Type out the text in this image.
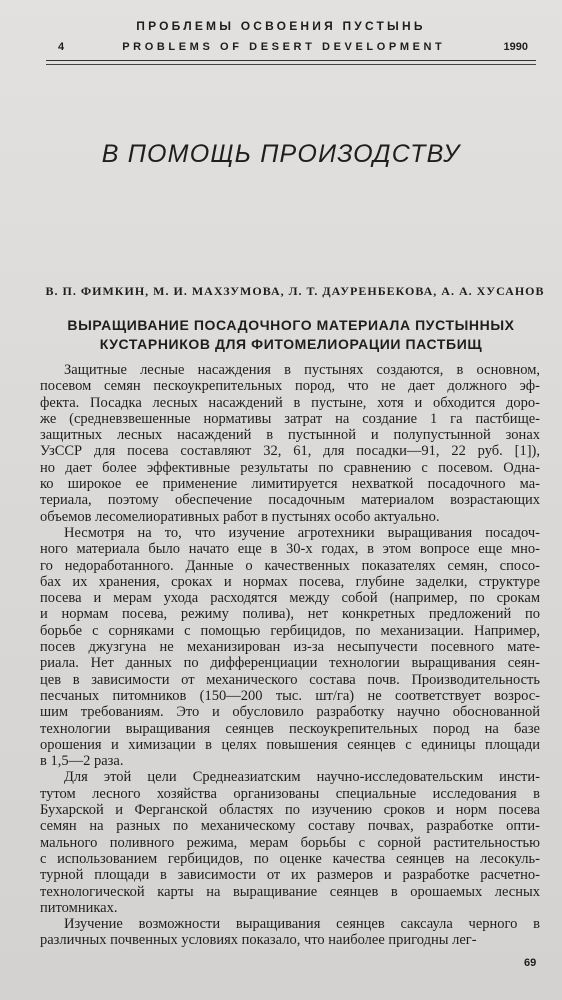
ПРОБЛЕМЫ ОСВОЕНИЯ ПУСТЫНЬ
4	PROBLEMS OF DESERT DEVELOPMENT	1990
В ПОМОЩЬ ПРОИЗОДСТВУ
В. П. ФИМКИН, М. И. МАХЗУМОВА, Л. Т. ДАУРЕНБЕКОВА, А. А. ХУСАНОВ
ВЫРАЩИВАНИЕ ПОСАДОЧНОГО МАТЕРИАЛА ПУСТЫННЫХ
КУСТАРНИКОВ ДЛЯ ФИТОМЕЛИОРАЦИИ ПАСТБИЩ
Защитные лесные насаждения в пустынях создаются, в основном,
посевом семян пескоукрепительных пород, что не дает должного эф-
фекта. Посадка лесных насаждений в пустыне, хотя и обходится доро-
же (средневзвешенные нормативы затрат на создание 1 га пастбище-
защитных лесных насаждений в пустынной и полупустынной зонах
УзССР для посева составляют 32, 61, для посадки—91, 22 руб. [1]),
но дает более эффективные результаты по сравнению с посевом. Одна-
ко широкое ее применение лимитируется нехваткой посадочного ма-
териала, поэтому обеспечение посадочным материалом возрастающих
объемов лесомелиоративных работ в пустынях особо актуально.
Несмотря на то, что изучение агротехники выращивания посадоч-
ного материала было начато еще в 30-х годах, в этом вопросе еще мно-
го недоработанного. Данные о качественных показателях семян, спосо-
бах их хранения, сроках и нормах посева, глубине заделки, структуре
посева и мерам ухода расходятся между собой (например, по срокам
и нормам посева, режиму полива), нет конкретных предложений по
борьбе с сорняками с помощью гербицидов, по механизации. Например,
посев джузгуна не механизирован из-за несыпучести посевного мате-
риала. Нет данных по дифференциации технологии выращивания сеян-
цев в зависимости от механического состава почв. Производительность
песчаных питомников (150—200 тыс. шт/га) не соответствует возрос-
шим требованиям. Это и обусловило разработку научно обоснованной
технологии выращивания сеянцев пескоукрепительных пород на базе
орошения и химизации в целях повышения сеянцев с единицы площади
в 1,5—2 раза.
Для этой цели Среднеазиатским научно-исследовательским инсти-
тутом лесного хозяйства организованы специальные исследования в
Бухарской и Ферганской областях по изучению сроков и норм посева
семян на разных по механическому составу почвах, разработке опти-
мального поливного режима, мерам борьбы с сорной растительностью
с использованием гербицидов, по оценке качества сеянцев на лесокуль-
турной площади в зависимости от их размеров и разработке расчетно-
технологической карты на выращивание сеянцев в орошаемых лесных
питомниках.
Изучение возможности выращивания сеянцев саксаула черного в
различных почвенных условиях показало, что наиболее пригодны лег-
69
